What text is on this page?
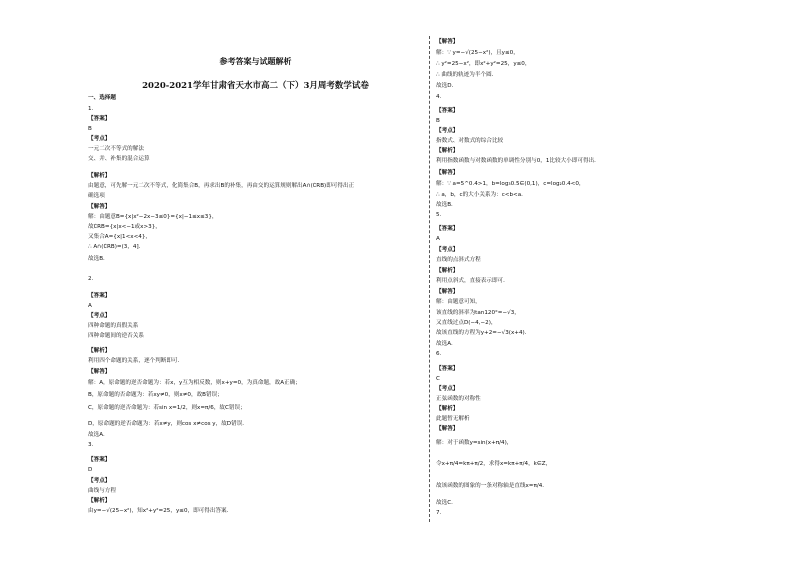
参考答案与试题解析
2020-2021学年甘肃省天水市高二（下）3月周考数学试卷
一、选择题
1.
【答案】
B
【考点】
一元二次不等式的解法
交、并、补集的混合运算
【解析】
由题意，可先解一元二次不等式，化简集合B，再求出B的补集，再由交的运算规则解出A∩(∁RB)即可得出正
确选项
【解答】
解：由题意B={x|x²−2x−3≤0}={x|−1≤x≤3}，
故∁RB={x|x<−1或x>3}，
又集合A={x|1<x<4}，
∴ A∩(∁RB)=(3，4]．
故选B．
2.
【答案】
A
【考点】
四种命题的真假关系
四种命题间的逆否关系
【解析】
利用四个命题的关系，逐个判断即可．
【解答】
解：A，原命题的逆否命题为：若x，y互为相反数，则x+y=0，为真命题，故A正确；
B，原命题的否命题为：若xy≠0，则x≠0，故B错误；
C，原命题的逆否命题为：若sin x=1/2，则x=π/6，故C错误；
D，原命题的逆否命题为：若x≠y，则cos x≠cos y，故D错误．
故选A．
3.
【答案】
D
【考点】
曲线与方程
【解析】
由y=−√(25−x²)，知x²+y²=25，y≤0，即可得出答案．
【解答】
解：∵ y=−√(25−x²)，且y≤0，
∴ y²=25−x²，即x²+y²=25，y≤0，
∴ 曲线的轨迹为半个圆．
故选D．
4.
【答案】
B
【考点】
指数式、对数式的综合比较
【解析】
利用指数函数与对数函数的单调性分别与0，1比较大小即可得出．
【解答】
解：∵ a=5^0.4>1，b=log₃0.5∈(0,1)，c=log₂0.4<0，
∴ a，b，c的大小关系为：c<b<a．
故选B．
5.
【答案】
A
【考点】
直线的点斜式方程
【解析】
利用点斜式，直接表示即可．
【解答】
解：由题意可知，
该直线的斜率为tan120°=−√3，
又直线过点D(−4,−2)，
故该直线的方程为y+2=−√3(x+4)．
故选A．
6.
【答案】
C
【考点】
正弦函数的对称性
【解析】
此题暂无解析
【解答】
解：对于函数y=sin(x+π/4)，
令x+π/4=kπ+π/2，求得x=kπ+π/4，k∈Z，
故该函数的图象的一条对称轴是直线x=π/4．
故选C．
7.
